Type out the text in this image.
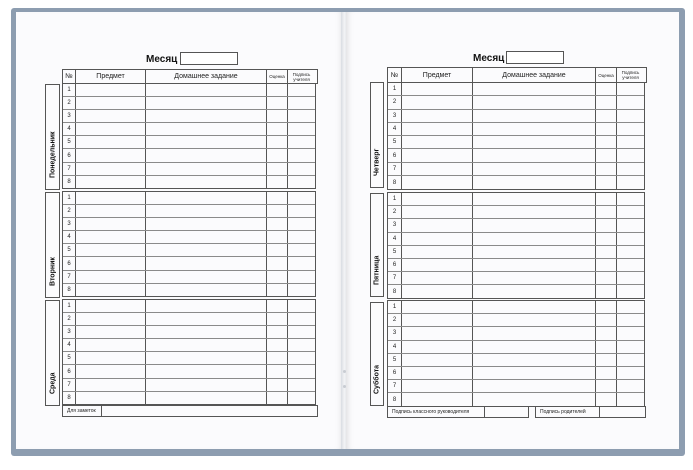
Месяц
№	Предмет	Домашнее задание	Оценка	Подпись учителя
Понедельник
1
2
3
4
5
6
7
8
Вторник
1
2
3
4
5
6
7
8
Среда
1
2
3
4
5
6
7
8
Для заметок
Месяц
№	Предмет	Домашнее задание	Оценка	Подпись учителя
Четверг
1
2
3
4
5
6
7
8
Пятница
1
2
3
4
5
6
7
8
Суббота
1
2
3
4
5
6
7
8
Подпись классного руководителя	Подпись родителей
